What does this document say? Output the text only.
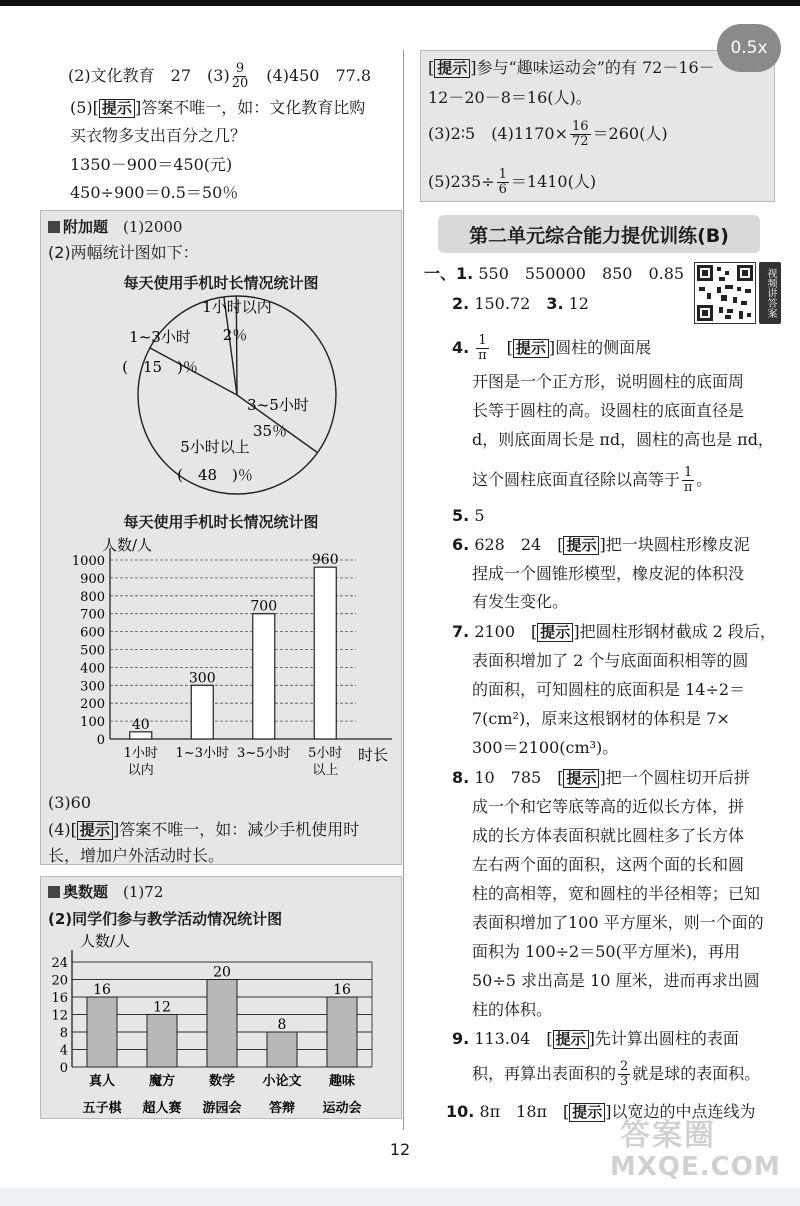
0.5x
(2)文化教育　27　$(3) \frac{9}{20}$
　 (4)450　77.8
(5)[ 提示 ]答案不唯一，如：文化教育比购
买衣物多支出百分之几？
1350－900＝450(元)
450÷900＝0.5＝50％
附加题　 (1)2000
(2)两幅统计图如下：
每天使用手机时长情况统计图
1小时以内
1~3小时
(　15　)％
2％
3~5小时
35％
5小时以上
(　48　)％
每天使用手机时长情况统计图
人数/人
时长
0
100
200
300
400
500
600
700
800
900
1000
40
1小时
以内
300
1~3小时
700
3~5小时
960
5小时
以上
(3)60
(4)[ 提示 ]答案不唯一，如：减少手机使用时
长，增加户外活动时长。
奥数题　 (1)72
(2)同学们参与教学活动情况统计图
人数/人
0
4
8
12
16
20
24
16
真人
五子棋
12
魔方
超人赛
20
数学
游园会
8
小论文
答辩
16
趣味
运动会
[ 提示 ]参与“趣味运动会”的有 72－16－
12－20－8＝16(人)。
(3)2∶5　$(4)1170\times \frac{16}{72} =260$(人)
$(5)235\div \frac{1}{6} =1410$(人)
第二单元综合能力提优训练(B)
视频讲答案
一、1. 550　550000　850　0.85
2. 150.72　3. 12
4. $\frac{1}{\pi}$ 　[ 提示 ]圆柱的侧面展
开图是一个正方形，说明圆柱的底面周
长等于圆柱的高。设圆柱的底面直径是
d，则底面周长是 πd，圆柱的高也是 πd，
这个圆柱底面直径除以高等于 $\frac{1}{\pi}$ 。
5. 5
6. 628　24　[ 提示 ]把一块圆柱形橡皮泥
捏成一个圆锥形模型，橡皮泥的体积没
有发生变化。
7. 2100　[ 提示 ]把圆柱形钢材截成 2 段后，
表面积增加了 2 个与底面面积相等的圆
的面积，可知圆柱的底面积是 14÷2＝
7(cm²)，原来这根钢材的体积是 7×
300＝2100(cm³)。
8. 10　785　[ 提示 ]把一个圆柱切开后拼
成一个和它等底等高的近似长方体，拼
成的长方体表面积就比圆柱多了长方体
左右两个面的面积，这两个面的长和圆
柱的高相等，宽和圆柱的半径相等；已知
表面积增加了100 平方厘米，则一个面的
面积为 100÷2＝50(平方厘米)，再用
50÷5 求出高是 10 厘米，进而再求出圆
柱的体积。
9. 113.04　[ 提示 ]先计算出圆柱的表面
积，再算出表面积的 $\frac{2}{3}$ 就是球的表面积。
10. 8π　18π　[ 提示 ]以宽边的中点连线为
12	答案圈
MXQE.COM
